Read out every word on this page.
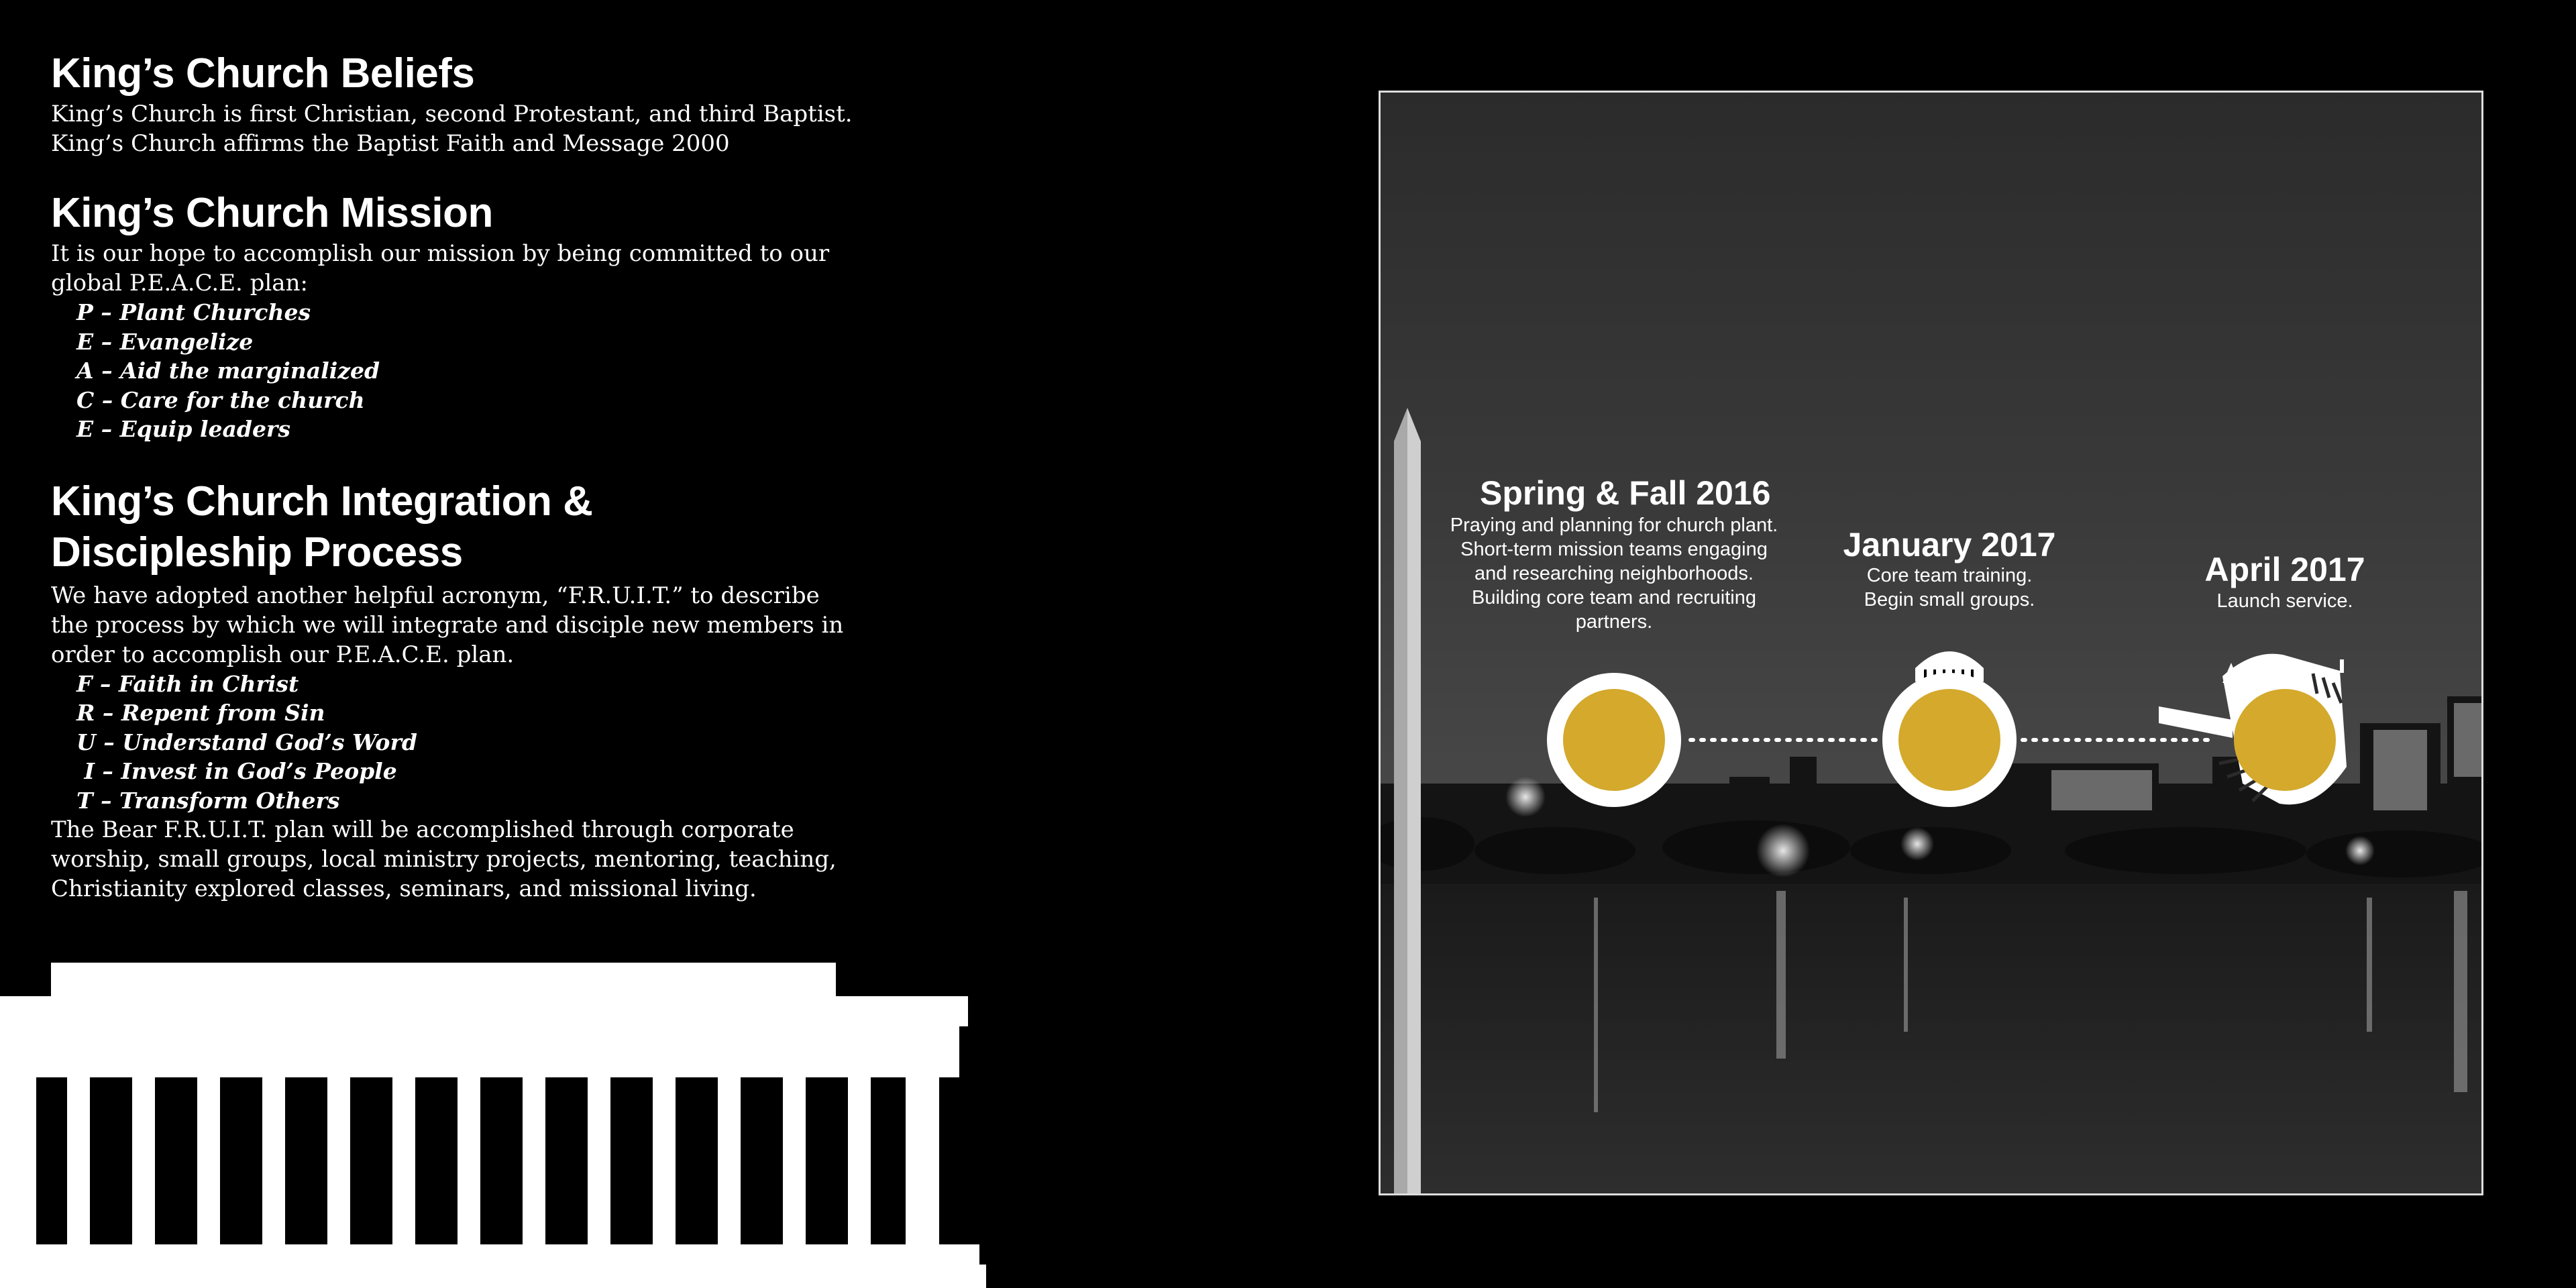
King’s Church Beliefs

King’s Church is first Christian, second Protestant, and third Baptist.

King’s Church affirms the Baptist Faith and Message 2000

King’s Church Mission

It is our hope to accomplish our mission by being committed to our

global P.E.A.C.E. plan:

P – Plant Churches
E – Evangelize
A – Aid the marginalized
C – Care for the church
E – Equip leaders
King’s Church Integration &
Discipleship Process

We have adopted another helpful acronym, “F.R.U.I.T.” to describe

the process by which we will integrate and disciple new members in

order to accomplish our P.E.A.C.E. plan.

F – Faith in Christ
R – Repent from Sin
U – Understand God’s Word
I – Invest in God’s People
T – Transform Others

The Bear F.R.U.I.T. plan will be accomplished through corporate

worship, small groups, local ministry projects, mentoring, teaching,

Christianity explored classes, seminars, and missional living.

Spring & Fall 2016
Praying and planning for church plant.
Short-term mission teams engaging
and researching neighborhoods.
Building core team and recruiting
partners.
January 2017
Core team training.
Begin small groups.
April 2017
Launch service.
